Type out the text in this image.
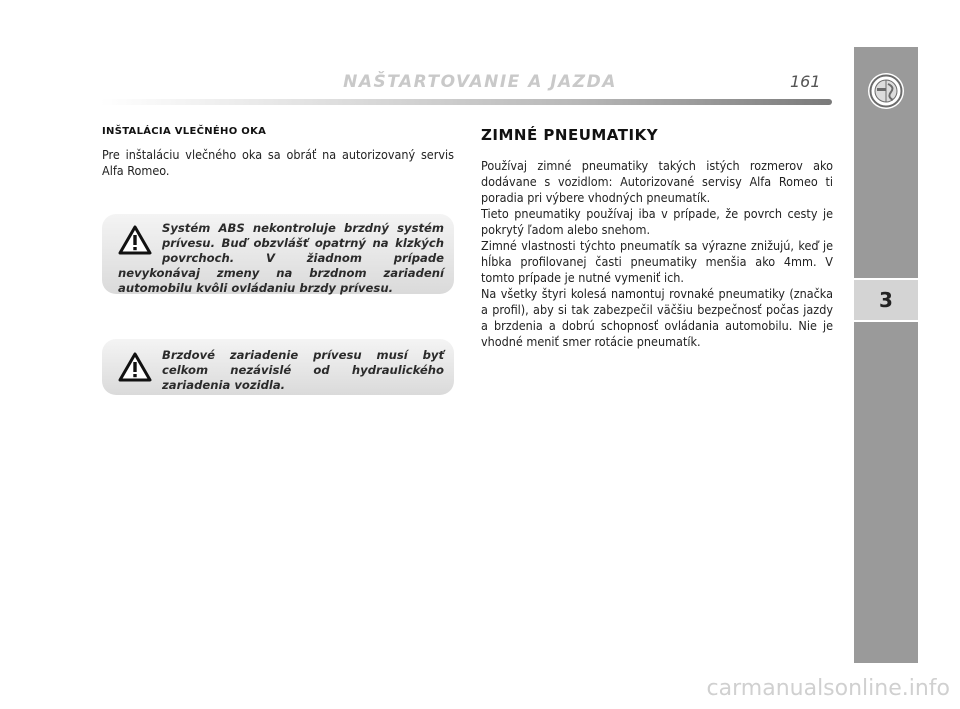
NAŠTARTOVANIE A JAZDA	161
3
INŠTALÁCIA VLEČNÉHO OKA

Pre inštaláciu vlečného oka sa obráť na autorizovaný servis Alfa Romeo.

Systém ABS nekontroluje brzdný systém prívesu. Buď obzvlášť opatrný na klzkých povrchoch. V žiadnom prípade nevykonávaj zmeny na brzdnom zariadení automobilu kvôli ovládaniu brzdy prívesu.

Brzdové zariadenie prívesu musí byť celkom nezávislé od hydraulického zariadenia vozidla.

ZIMNÉ PNEUMATIKY

Používaj zimné pneumatiky takých istých rozmerov ako dodávane s vozidlom: Autorizované servisy Alfa Romeo ti poradia pri výbere vhodných pneumatík.

Tieto pneumatiky používaj iba v prípade, že povrch cesty je pokrytý ľadom alebo snehom.

Zimné vlastnosti týchto pneumatík sa výrazne znižujú, keď je hĺbka profilovanej časti pneumatiky menšia ako 4mm. V tomto prípade je nutné vymeniť ich.

Na všetky štyri kolesá namontuj rovnaké pneumatiky (značka a profil), aby si tak zabezpečil väčšiu bezpečnosť počas jazdy a brzdenia a dobrú schopnosť ovládania automobilu. Nie je vhodné meniť smer rotácie pneumatík.

carmanualsonline.info
